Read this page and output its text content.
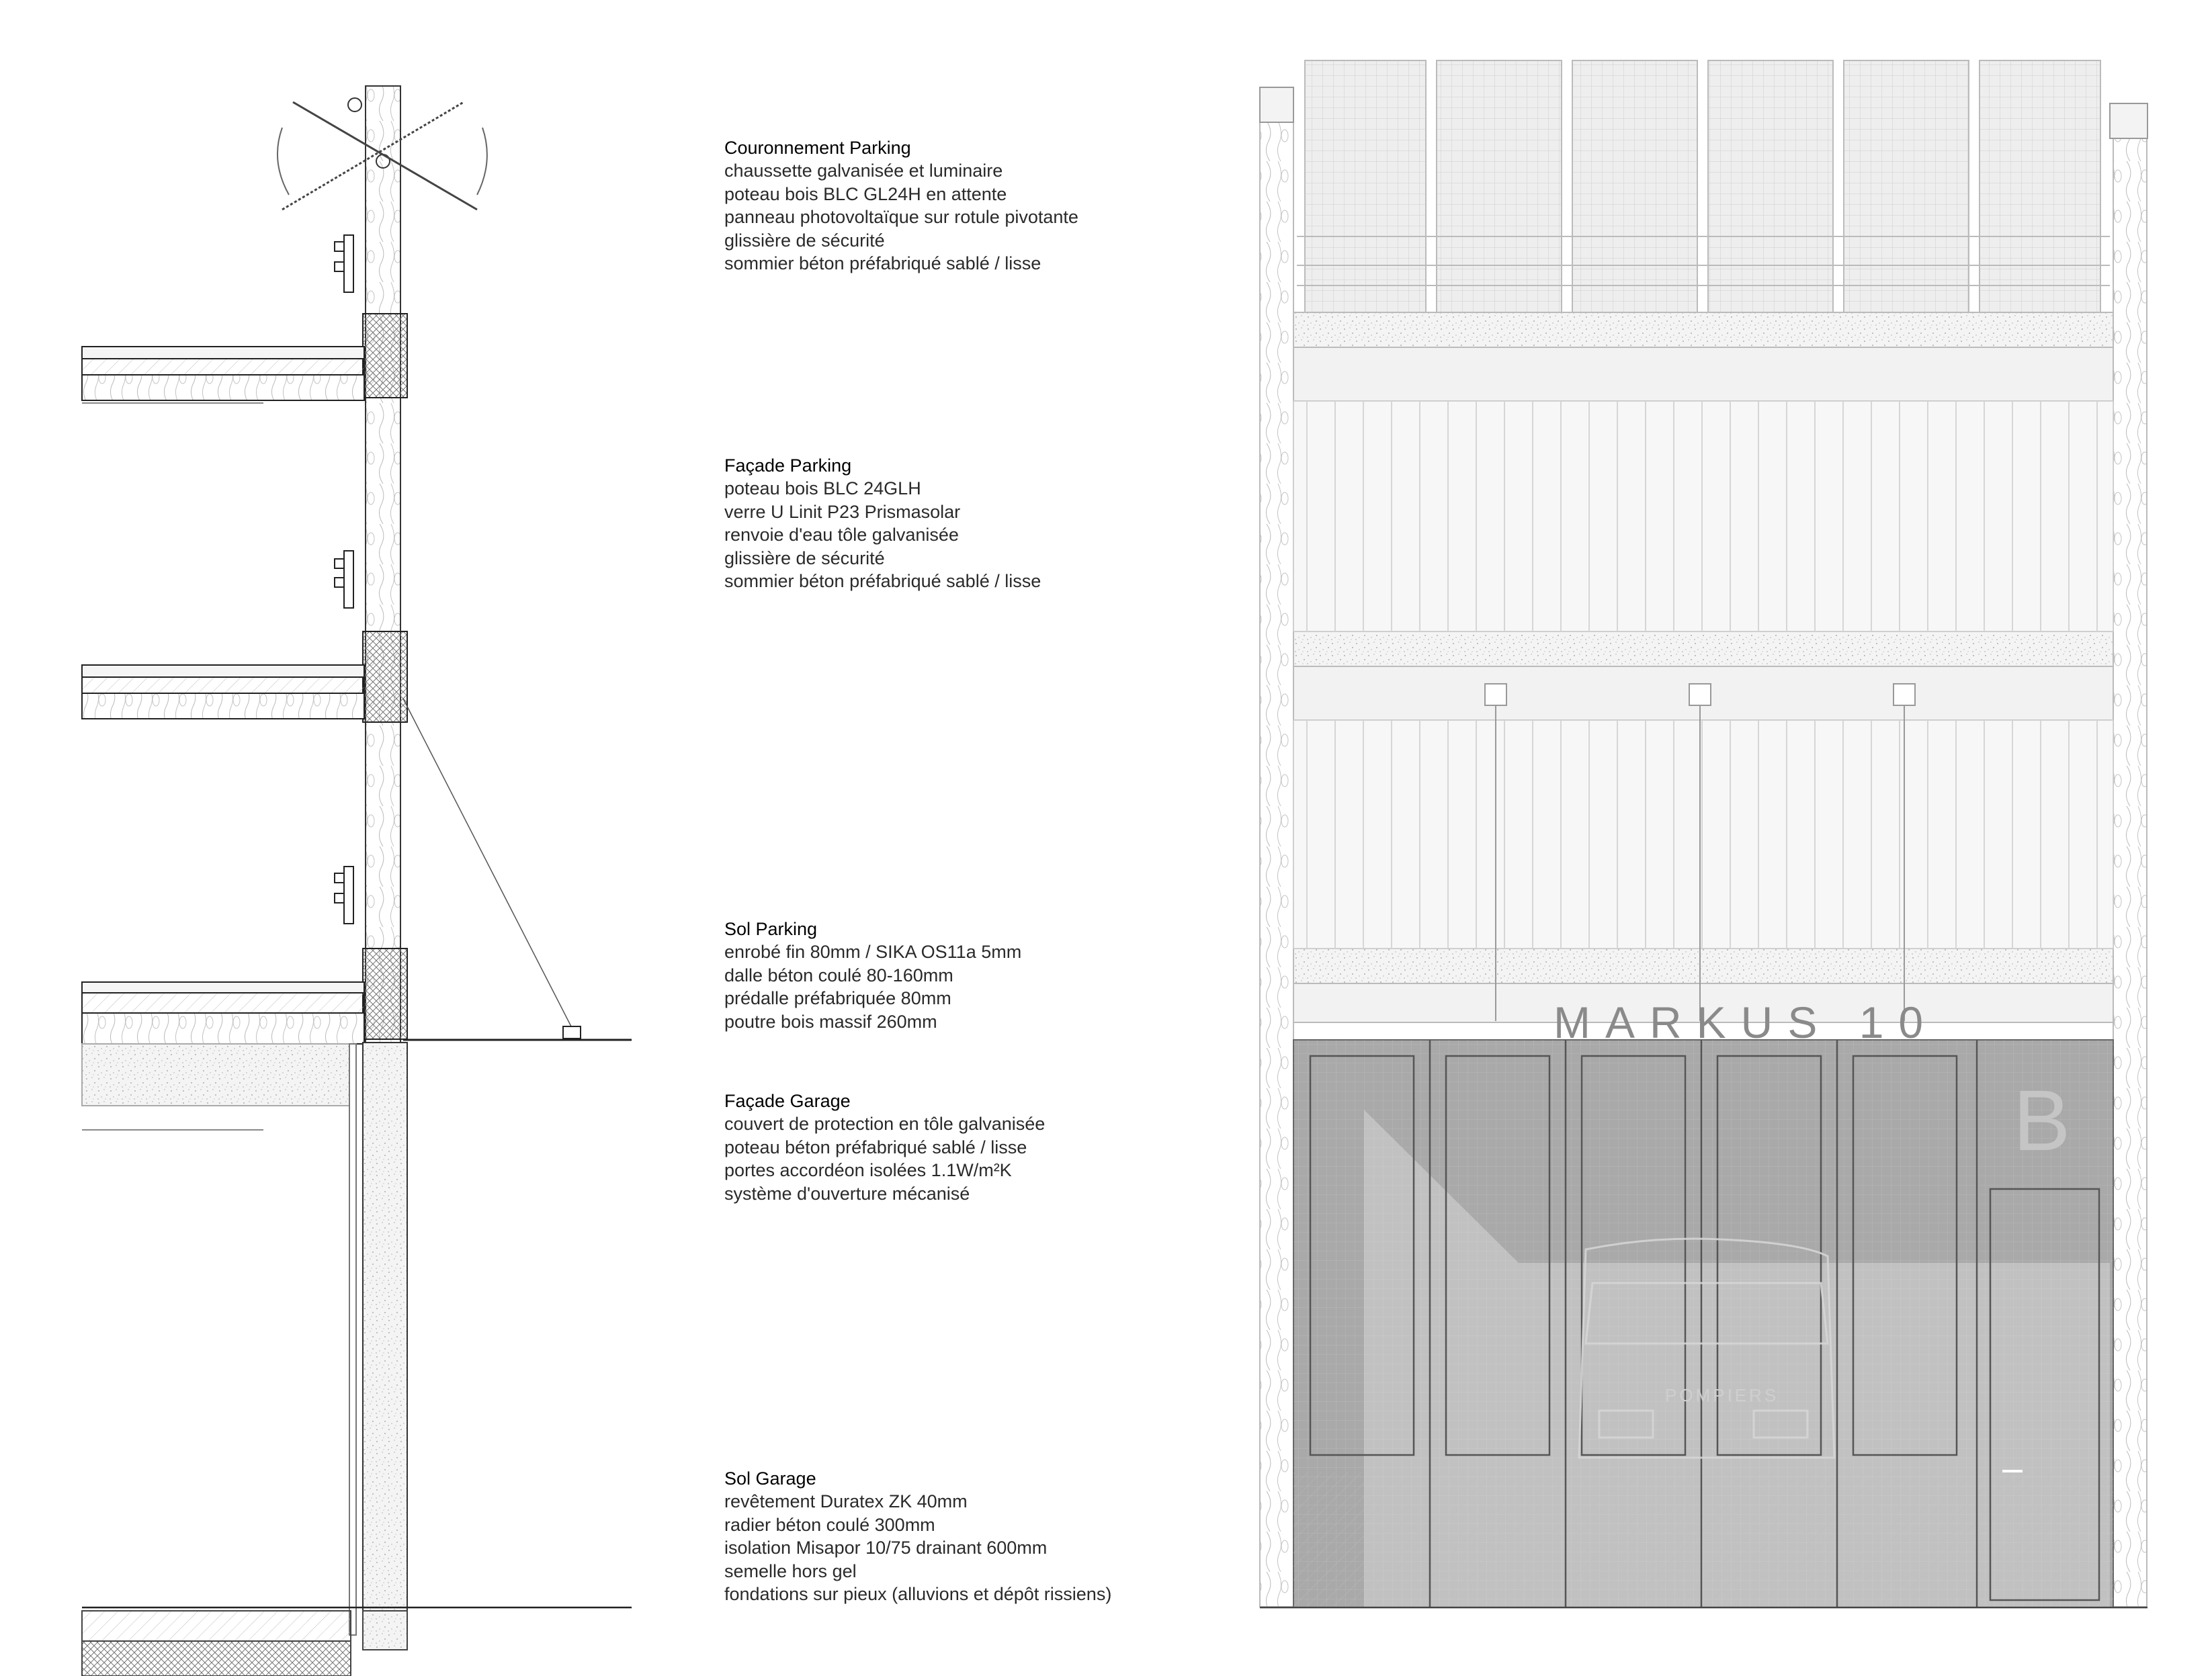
MARKUS 10
B
POMPIERS
Couronnement Parking
chaussette galvanisée et luminaire
poteau bois BLC GL24H en attente
panneau photovoltaïque sur rotule pivotante
glissière de sécurité
sommier béton préfabriqué sablé / lisse
Façade Parking
poteau bois BLC 24GLH
verre U Linit P23 Prismasolar
renvoie d'eau tôle galvanisée
glissière de sécurité
sommier béton préfabriqué sablé / lisse
Sol Parking
enrobé fin 80mm / SIKA OS11a 5mm
dalle béton coulé 80-160mm
prédalle préfabriquée 80mm
poutre bois massif 260mm
Façade Garage
couvert de protection en tôle galvanisée
poteau béton préfabriqué sablé / lisse
portes accordéon isolées 1.1W/m²K
système d'ouverture mécanisé
Sol Garage
revêtement Duratex ZK 40mm
radier béton coulé 300mm
isolation Misapor 10/75 drainant 600mm
semelle hors gel
fondations sur pieux (alluvions et dépôt rissiens)
